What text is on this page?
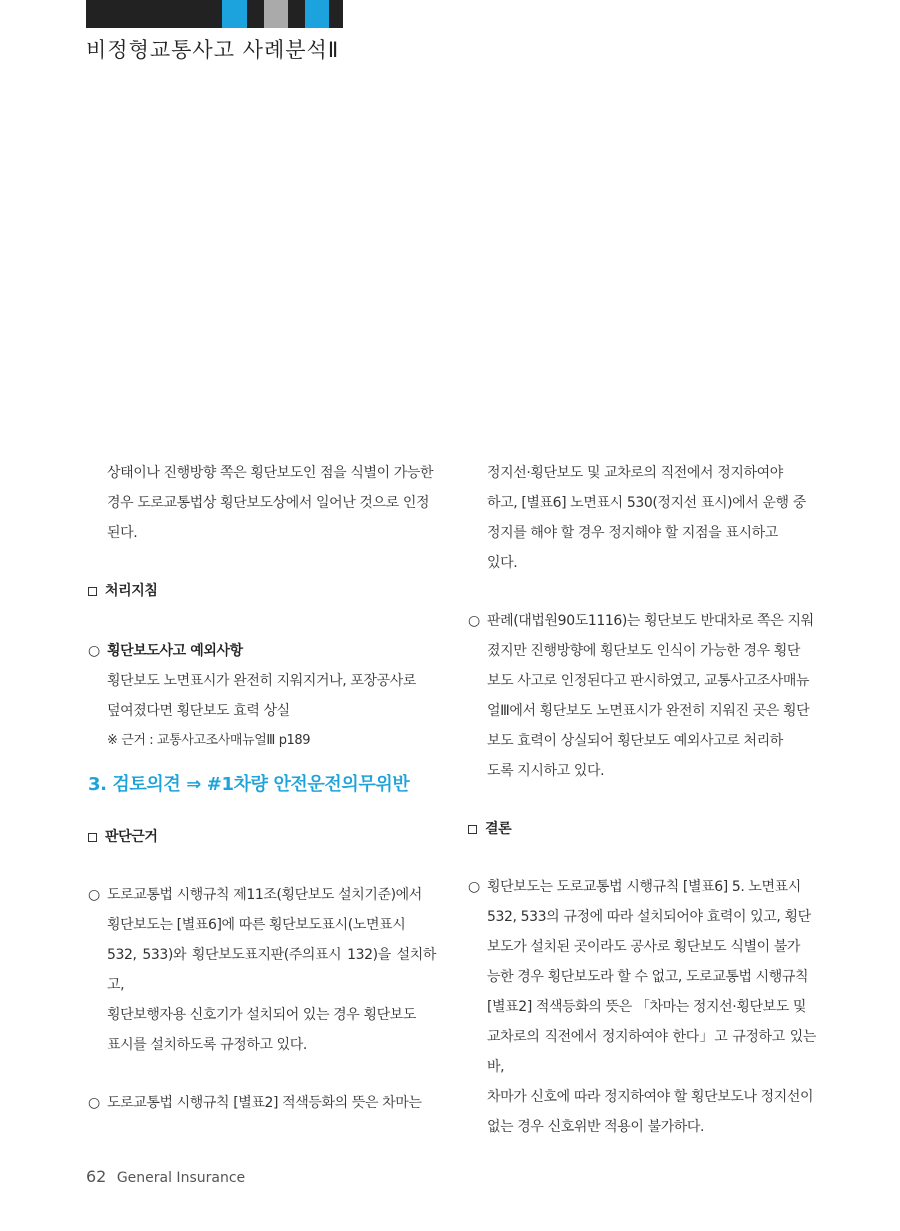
비정형교통사고 사례분석Ⅱ
상태이나 진행방향 쪽은 횡단보도인 점을 식별이 가능한
경우 도로교통법상 횡단보도상에서 일어난 것으로 인정
된다.
처리지침
○ 횡단보도사고 예외사항
횡단보도 노면표시가 완전히 지워지거나, 포장공사로
덮여졌다면 횡단보도 효력 상실
※ 근거 : 교통사고조사매뉴얼Ⅲ p189
3. 검토의견 ⇒ #1차량 안전운전의무위반
판단근거
○ 도로교통법 시행규칙 제11조(횡단보도 설치기준)에서
횡단보도는 [별표6]에 따른 횡단보도표시(노면표시
532, 533)와 횡단보도표지판(주의표시 132)을 설치하고,
횡단보행자용 신호기가 설치되어 있는 경우 횡단보도
표시를 설치하도록 규정하고 있다.
○ 도로교통법 시행규칙 [별표2] 적색등화의 뜻은 차마는
정지선·횡단보도 및 교차로의 직전에서 정지하여야
하고, [별표6] 노면표시 530(정지선 표시)에서 운행 중
정지를 해야 할 경우 정지해야 할 지점을 표시하고
있다.
○ 판례(대법원90도1116)는 횡단보도 반대차로 쪽은 지워
졌지만 진행방향에 횡단보도 인식이 가능한 경우 횡단
보도 사고로 인정된다고 판시하였고, 교통사고조사매뉴
얼Ⅲ에서 횡단보도 노면표시가 완전히 지워진 곳은 횡단
보도 효력이 상실되어 횡단보도 예외사고로 처리하
도록 지시하고 있다.
결론
○ 횡단보도는 도로교통법 시행규칙 [별표6] 5. 노면표시
532, 533의 규정에 따라 설치되어야 효력이 있고, 횡단
보도가 설치된 곳이라도 공사로 횡단보도 식별이 불가
능한 경우 횡단보도라 할 수 없고, 도로교통법 시행규칙
[별표2] 적색등화의 뜻은 「차마는 정지선·횡단보도 및
교차로의 직전에서 정지하여야 한다」고 규정하고 있는바,
차마가 신호에 따라 정지하여야 할 횡단보도나 정지선이
없는 경우 신호위반 적용이 불가하다.
62 General Insurance
